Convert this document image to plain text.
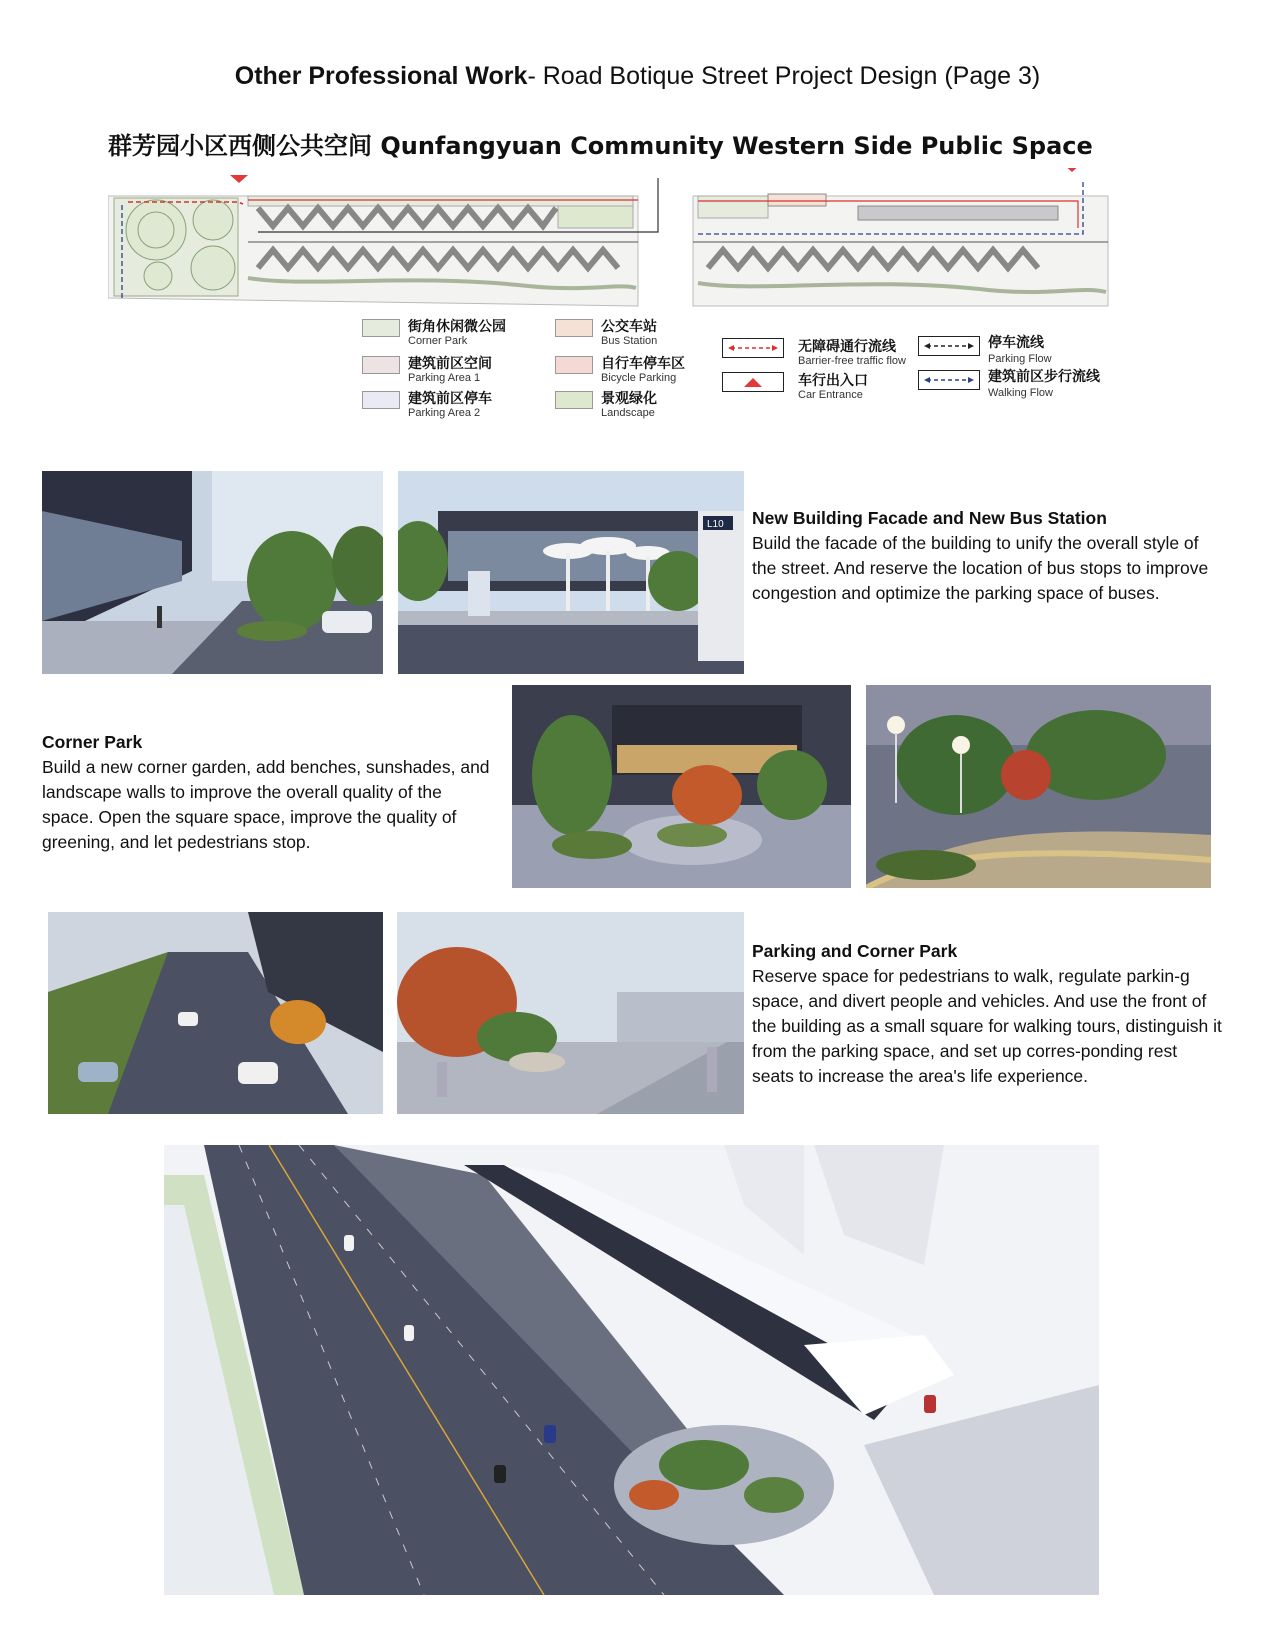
Other Professional Work- Road Botique Street Project Design (Page 3)
群芳园小区西侧公共空间 Qunfangyuan Community Western Side Public Space
街角休闲微公园
Corner Park
建筑前区空间
Parking Area 1
建筑前区停车
Parking Area 2
公交车站
Bus Station
自行车停车区
Bicycle Parking
景观绿化
Landscape
无障碍通行流线
Barrier-free traffic flow
车行出入口
Car Entrance
停车流线
Parking Flow
建筑前区步行流线
Walking Flow
L10 New Building Facade and New Bus Station

Build the facade of the building to unify the overall style of the street. And reserve the location of bus stops to improve congestion and optimize the parking space of buses.

Corner Park

Build a new corner garden, add benches, sunshades, and landscape walls to improve the overall quality of the space. Open the square space, improve the quality of greening, and let pedestrians stop.

Parking and Corner Park

Reserve space for pedestrians to walk, regulate parkin-g space, and divert people and vehicles. And use the front of the building as a small square for walking tours, distinguish it from the parking space, and set up corres-ponding rest seats to increase the area's life experience.
